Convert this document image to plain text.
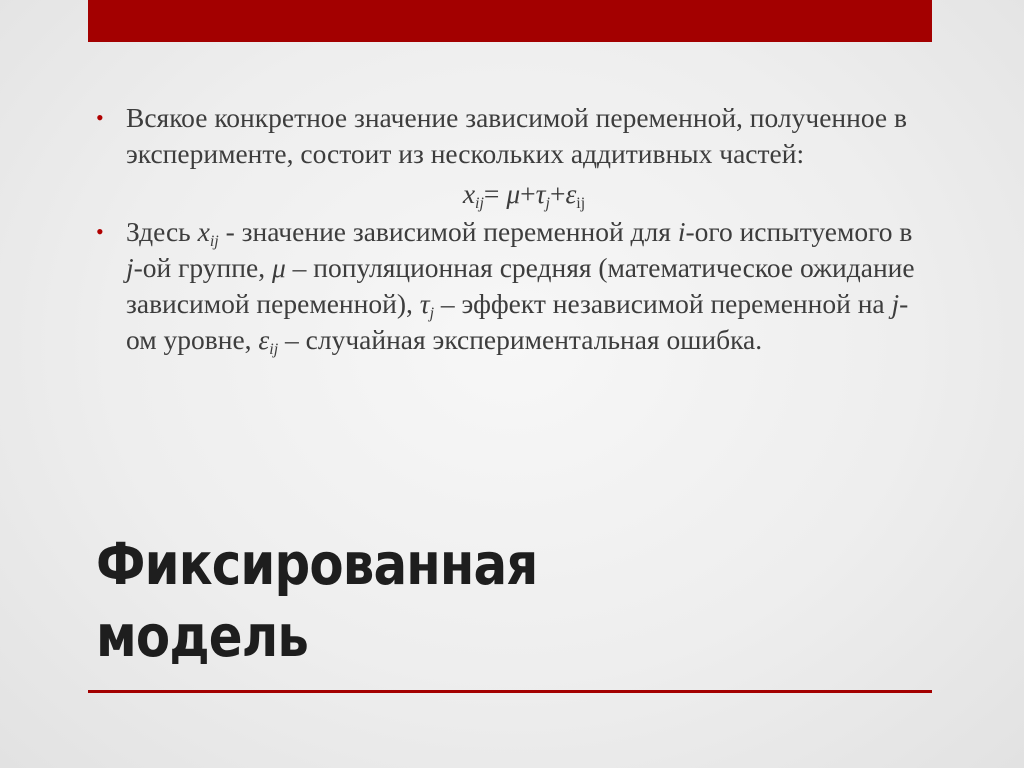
• Всякое конкретное значение зависимой переменной, полученное в эксперименте, состоит из нескольких аддитивных частей:
$x_{ij}= \mu+\tau_j+\varepsilon_{ij}$
• Здесь $x_{ij}$ - значение зависимой переменной для i-ого испытуемого в j-ой группе, μ – популяционная средняя (математическое ожидание зависимой переменной), $\tau_j$ – эффект независимой переменной на j-ом уровне, $\varepsilon_{ij}$ – случайная экспериментальная ошибка.
Фиксированная
модель
